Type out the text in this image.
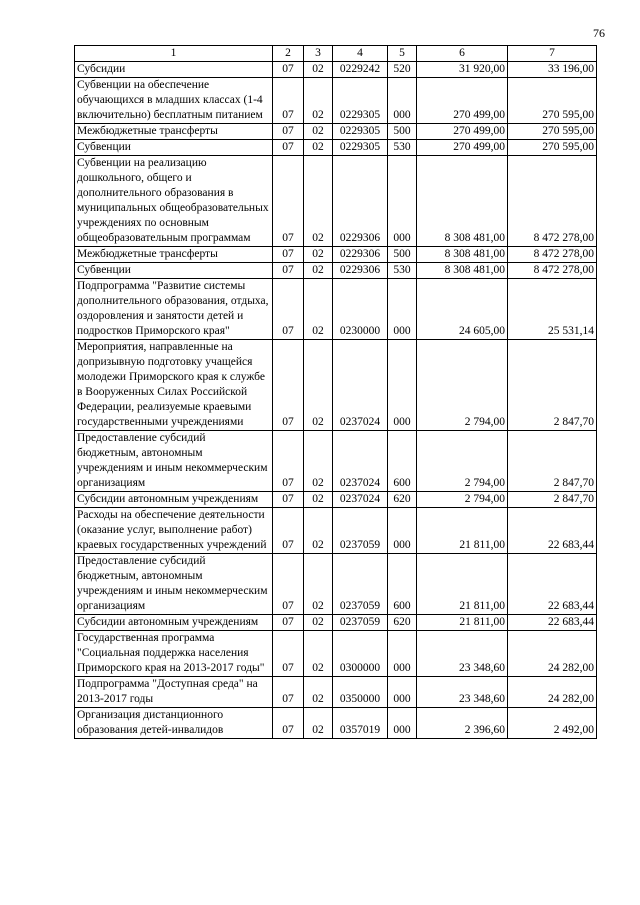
76
1	2	3	4	5	6	7
Субсидии	07	02	0229242	520	31 920,00	33 196,00
Субвенции на обеспечение обучающихся в младших классах (1-4 включительно) бесплатным питанием	07	02	0229305	000	270 499,00	270 595,00
Межбюджетные трансферты	07	02	0229305	500	270 499,00	270 595,00
Субвенции	07	02	0229305	530	270 499,00	270 595,00
Субвенции на реализацию дошкольного, общего и дополнительного образования в муниципальных общеобразовательных учреждениях по основным общеобразовательным программам	07	02	0229306	000	8 308 481,00	8 472 278,00
Межбюджетные трансферты	07	02	0229306	500	8 308 481,00	8 472 278,00
Субвенции	07	02	0229306	530	8 308 481,00	8 472 278,00
Подпрограмма "Развитие системы дополнительного образования, отдыха, оздоровления и занятости детей и подростков Приморского края"	07	02	0230000	000	24 605,00	25 531,14
Мероприятия, направленные на допризывную подготовку учащейся молодежи Приморского края к службе в Вооруженных Силах Российской Федерации, реализуемые краевыми государственными учреждениями	07	02	0237024	000	2 794,00	2 847,70
Предоставление субсидий бюджетным, автономным учреждениям и иным некоммерческим организациям	07	02	0237024	600	2 794,00	2 847,70
Субсидии автономным учреждениям	07	02	0237024	620	2 794,00	2 847,70
Расходы на обеспечение деятельности (оказание услуг, выполнение работ) краевых государственных учреждений	07	02	0237059	000	21 811,00	22 683,44
Предоставление субсидий бюджетным, автономным учреждениям и иным некоммерческим организациям	07	02	0237059	600	21 811,00	22 683,44
Субсидии автономным учреждениям	07	02	0237059	620	21 811,00	22 683,44
Государственная программа "Социальная поддержка населения Приморского края на 2013-2017 годы"	07	02	0300000	000	23 348,60	24 282,00
Подпрограмма "Доступная среда" на 2013-2017 годы	07	02	0350000	000	23 348,60	24 282,00
Организация дистанционного образования детей-инвалидов	07	02	0357019	000	2 396,60	2 492,00
